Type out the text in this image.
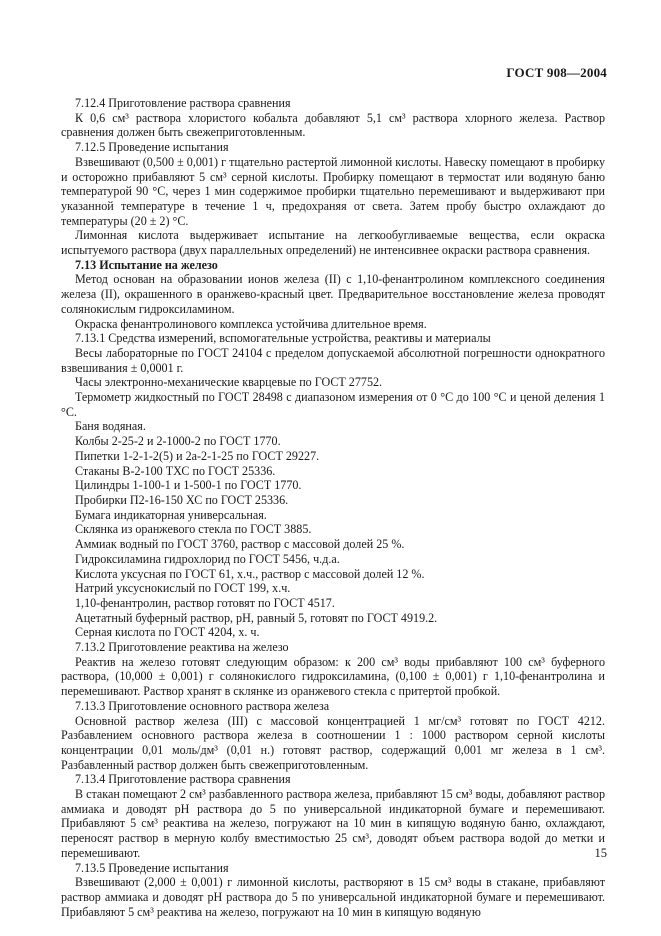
ГОСТ 908—2004

7.12.4 Приготовление раствора сравнения

К 0,6 см³ раствора хлористого кобальта добавляют 5,1 см³ раствора хлорного железа. Раствор сравнения должен быть свежеприготовленным.

7.12.5 Проведение испытания

Взвешивают (0,500 ± 0,001) г тщательно растертой лимонной кислоты. Навеску помещают в пробирку и осторожно прибавляют 5 см³ серной кислоты. Пробирку помещают в термостат или водяную баню температурой 90 °С, через 1 мин содержимое пробирки тщательно перемешивают и выдерживают при указанной температуре в течение 1 ч, предохраняя от света. Затем пробу быстро охлаждают до температуры (20 ± 2) °С.

Лимонная кислота выдерживает испытание на легкообугливаемые вещества, если окраска испытуемого раствора (двух параллельных определений) не интенсивнее окраски раствора сравнения.

7.13 Испытание на железо

Метод основан на образовании ионов железа (II) с 1,10-фенантролином комплексного соединения железа (II), окрашенного в оранжево-красный цвет. Предварительное восстановление железа проводят солянокислым гидроксиламином.

Окраска фенантролинового комплекса устойчива длительное время.

7.13.1 Средства измерений, вспомогательные устройства, реактивы и материалы

Весы лабораторные по ГОСТ 24104 с пределом допускаемой абсолютной погрешности однократного взвешивания ± 0,0001 г.

Часы электронно-механические кварцевые по ГОСТ 27752.

Термометр жидкостный по ГОСТ 28498 с диапазоном измерения от 0 °С до 100 °С и ценой деления 1 °С.

Баня водяная.

Колбы 2-25-2 и 2-1000-2 по ГОСТ 1770.

Пипетки 1-2-1-2(5) и 2а-2-1-25 по ГОСТ 29227.

Стаканы В-2-100 ТХС по ГОСТ 25336.

Цилиндры 1-100-1 и 1-500-1 по ГОСТ 1770.

Пробирки П2-16-150 ХС по ГОСТ 25336.

Бумага индикаторная универсальная.

Склянка из оранжевого стекла по ГОСТ 3885.

Аммиак водный по ГОСТ 3760, раствор с массовой долей 25 %.

Гидроксиламина гидрохлорид по ГОСТ 5456, ч.д.а.

Кислота уксусная по ГОСТ 61, х.ч., раствор с массовой долей 12 %.

Натрий уксуснокислый по ГОСТ 199, х.ч.

1,10-фенантролин, раствор готовят по ГОСТ 4517.

Ацетатный буферный раствор, рН, равный 5, готовят по ГОСТ 4919.2.

Серная кислота по ГОСТ 4204, х. ч.

7.13.2 Приготовление реактива на железо

Реактив на железо готовят следующим образом: к 200 см³ воды прибавляют 100 см³ буферного раствора, (10,000 ± 0,001) г солянокислого гидроксиламина, (0,100 ± 0,001) г 1,10-фенантролина и перемешивают. Раствор хранят в склянке из оранжевого стекла с притертой пробкой.

7.13.3 Приготовление основного раствора железа

Основной раствор железа (III) с массовой концентрацией 1 мг/см³ готовят по ГОСТ 4212. Разбавлением основного раствора железа в соотношении 1 : 1000 раствором серной кислоты концентрации 0,01 моль/дм³ (0,01 н.) готовят раствор, содержащий 0,001 мг железа в 1 см³. Разбавленный раствор должен быть свежеприготовленным.

7.13.4 Приготовление раствора сравнения

В стакан помещают 2 см³ разбавленного раствора железа, прибавляют 15 см³ воды, добавляют раствор аммиака и доводят рН раствора до 5 по универсальной индикаторной бумаге и перемешивают. Прибавляют 5 см³ реактива на железо, погружают на 10 мин в кипящую водяную баню, охлаждают, переносят раствор в мерную колбу вместимостью 25 см³, доводят объем раствора водой до метки и перемешивают.

7.13.5 Проведение испытания

Взвешивают (2,000 ± 0,001) г лимонной кислоты, растворяют в 15 см³ воды в стакане, прибавляют раствор аммиака и доводят рН раствора до 5 по универсальной индикаторной бумаге и перемешивают. Прибавляют 5 см³ реактива на железо, погружают на 10 мин в кипящую водяную

15
